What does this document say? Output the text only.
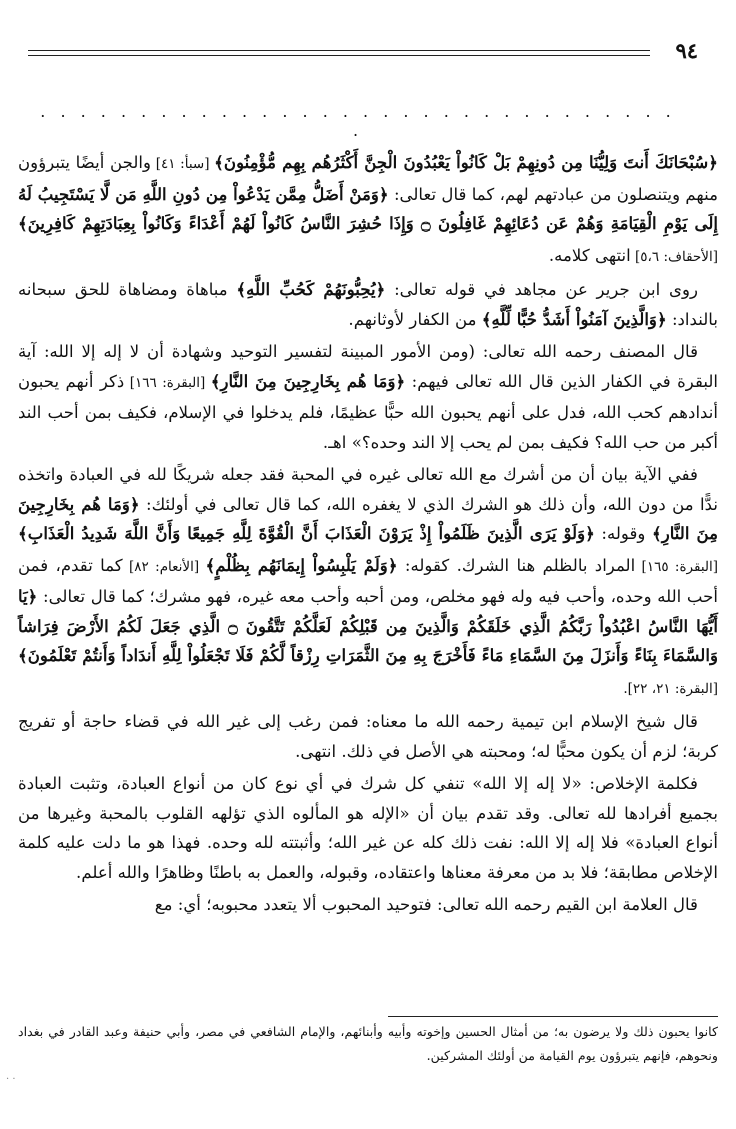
٩٤
. . . . . . . . . . . . . . . . . . . . . . . . . . . . . . . . .

﴿سُبْحَانَكَ أَنتَ وَلِيُّنَا مِن دُونِهِمْ بَلْ كَانُواْ يَعْبُدُونَ الْجِنَّ أَكْثَرُهُم بِهِم مُّؤْمِنُونَ﴾ [سبأ: ٤١] والجن أيضًا يتبرؤون منهم ويتنصلون من عبادتهم لهم، كما قال تعالى: ﴿وَمَنْ أَضَلُّ مِمَّن يَدْعُواْ مِن دُونِ اللَّهِ مَن لَّا يَسْتَجِيبُ لَهُ إِلَى يَوْمِ الْقِيَامَةِ وَهُمْ عَن دُعَائِهِمْ غَافِلُونَ ۝ وَإِذَا حُشِرَ النَّاسُ كَانُواْ لَهُمْ أَعْدَاءً وَكَانُواْ بِعِبَادَتِهِمْ كَافِرِينَ﴾ [الأحقاف: ٥،٦] انتهى كلامه.

روى ابن جرير عن مجاهد في قوله تعالى: ﴿يُحِبُّونَهُمْ كَحُبِّ اللَّهِ﴾ مباهاة ومضاهاة للحق سبحانه بالنداد: ﴿وَالَّذِينَ آمَنُواْ أَشَدُّ حُبًّا لِّلَّهِ﴾ من الكفار لأوثانهم.

قال المصنف رحمه الله تعالى: (ومن الأمور المبينة لتفسير التوحيد وشهادة أن لا إله إلا الله: آية البقرة في الكفار الذين قال الله تعالى فيهم: ﴿وَمَا هُم بِخَارِجِينَ مِنَ النَّارِ﴾ [البقرة: ١٦٦] ذكر أنهم يحبون أندادهم كحب الله، فدل على أنهم يحبون الله حبًّا عظيمًا، فلم يدخلوا في الإسلام، فكيف بمن أحب الند أكبر من حب الله؟ فكيف بمن لم يحب إلا الند وحده؟» اهـ.

ففي الآية بيان أن من أشرك مع الله تعالى غيره في المحبة فقد جعله شريكًا لله في العبادة واتخذه ندًّا من دون الله، وأن ذلك هو الشرك الذي لا يغفره الله، كما قال تعالى في أولئك: ﴿وَمَا هُم بِخَارِجِينَ مِنَ النَّارِ﴾ وقوله: ﴿وَلَوْ يَرَى الَّذِينَ ظَلَمُواْ إِذْ يَرَوْنَ الْعَذَابَ أَنَّ الْقُوَّةَ لِلَّهِ جَمِيعًا وَأَنَّ اللَّهَ شَدِيدُ الْعَذَابِ﴾ [البقرة: ١٦٥] المراد بالظلم هنا الشرك. كقوله: ﴿وَلَمْ يَلْبِسُواْ إِيمَانَهُم بِظُلْمٍ﴾ [الأنعام: ٨٢] كما تقدم، فمن أحب الله وحده، وأحب فيه وله فهو مخلص، ومن أحبه وأحب معه غيره، فهو مشرك؛ كما قال تعالى: ﴿يَا أَيُّهَا النَّاسُ اعْبُدُواْ رَبَّكُمُ الَّذِي خَلَقَكُمْ وَالَّذِينَ مِن قَبْلِكُمْ لَعَلَّكُمْ تَتَّقُونَ ۝ الَّذِي جَعَلَ لَكُمُ الأَرْضَ فِرَاشاً وَالسَّمَاءَ بِنَاءً وَأَنزَلَ مِنَ السَّمَاءِ مَاءً فَأَخْرَجَ بِهِ مِنَ الثَّمَرَاتِ رِزْقاً لَّكُمْ فَلَا تَجْعَلُواْ لِلَّهِ أَندَاداً وَأَنتُمْ تَعْلَمُونَ﴾ [البقرة: ٢١، ٢٢].

قال شيخ الإسلام ابن تيمية رحمه الله ما معناه: فمن رغب إلى غير الله في قضاء حاجة أو تفريج كربة؛ لزم أن يكون محبًّا له؛ ومحبته هي الأصل في ذلك. انتهى.

فكلمة الإخلاص: «لا إله إلا الله» تنفي كل شرك في أي نوع كان من أنواع العبادة، وتثبت العبادة بجميع أفرادها لله تعالى. وقد تقدم بيان أن «الإله هو المألوه الذي تؤلهه القلوب بالمحبة وغيرها من أنواع العبادة» فلا إله إلا الله: نفت ذلك كله عن غير الله؛ وأثبتته لله وحده. فهذا هو ما دلت عليه كلمة الإخلاص مطابقة؛ فلا بد من معرفة معناها واعتقاده، وقبوله، والعمل به باطنًا وظاهرًا والله أعلم.

قال العلامة ابن القيم رحمه الله تعالى: فتوحيد المحبوب ألا يتعدد محبوبه؛ أي: مع

كانوا يحبون ذلك ولا يرضون به؛ من أمثال الحسين وإخوته وأبيه وأبنائهم، والإمام الشافعي في مصر، وأبي حنيفة وعبد القادر في بغداد ونحوهم، فإنهم يتبرؤون يوم القيامة من أولئك المشركين.

· ·
